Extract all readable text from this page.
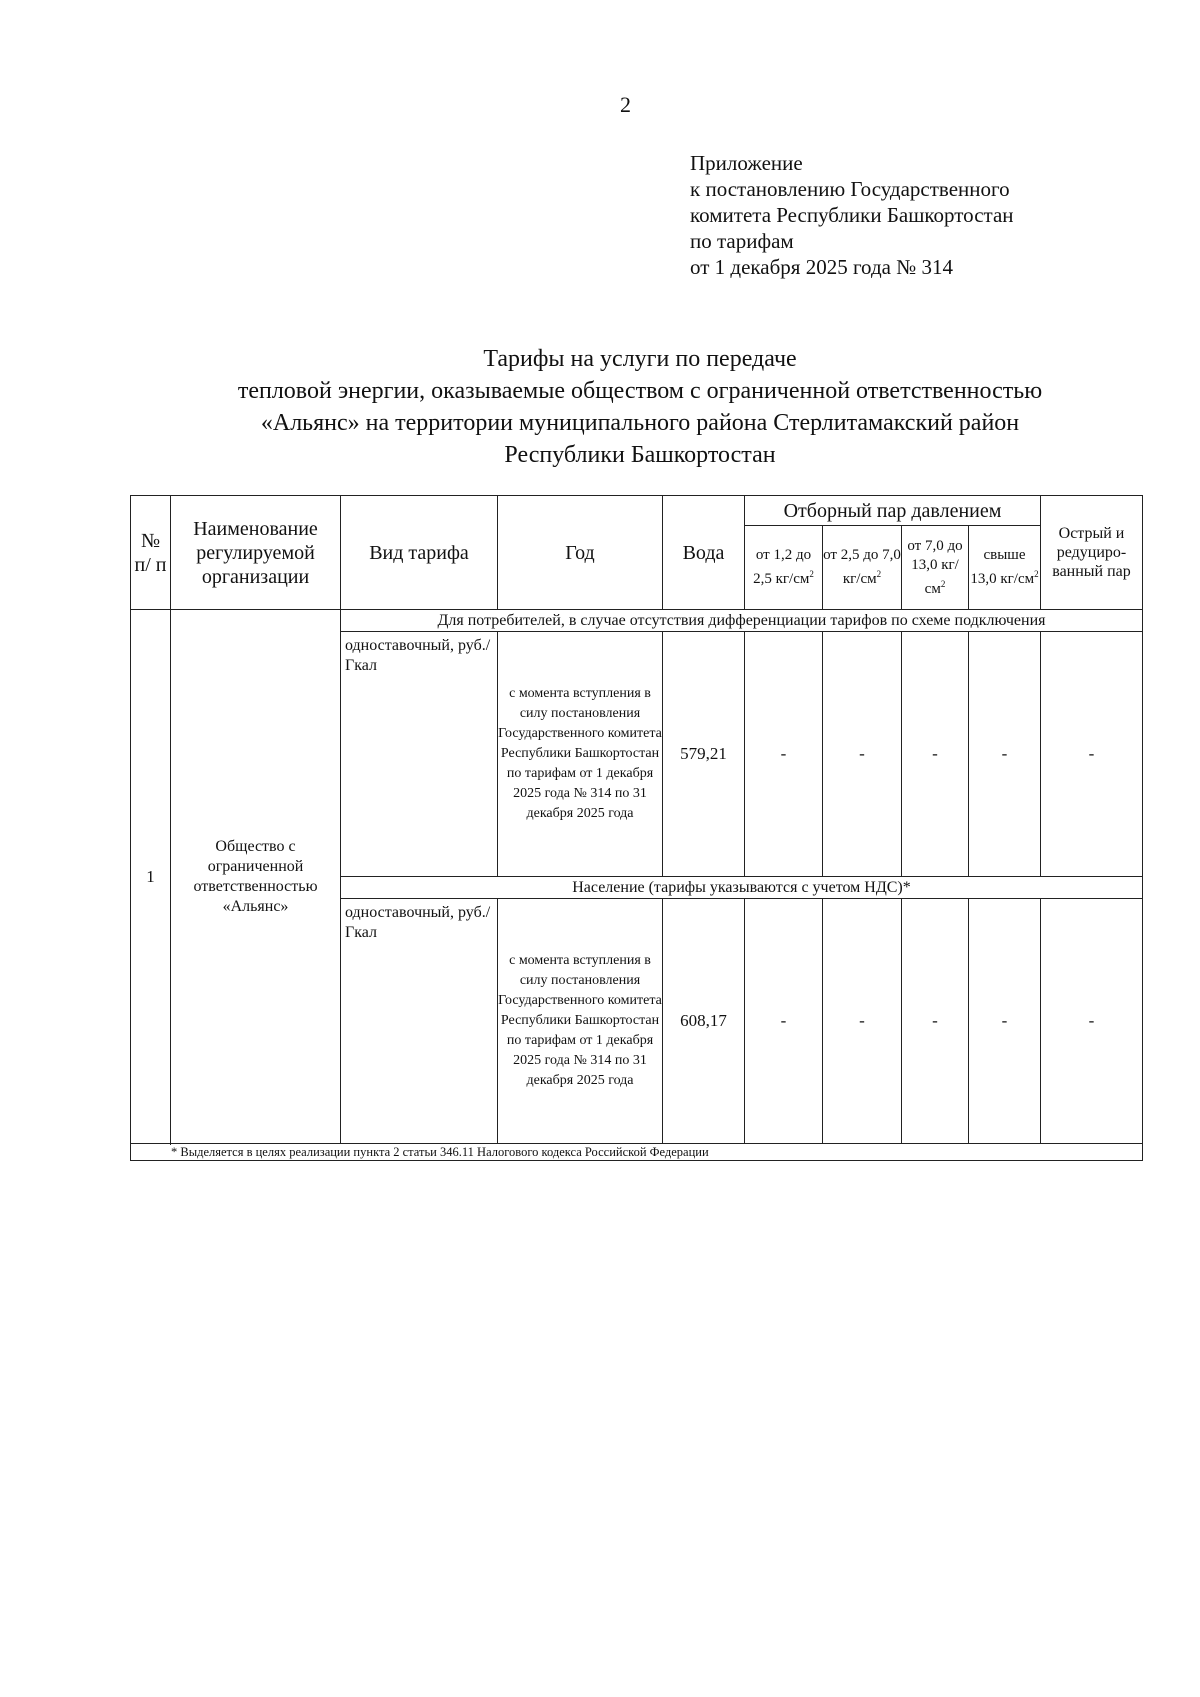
2
Приложение
к постановлению Государственного
комитета Республики Башкортостан
по тарифам
от 1 декабря 2025 года № 314
Тарифы на услуги по передаче
тепловой энергии, оказываемые обществом с ограниченной ответственностью
«Альянс» на территории муниципального района Стерлитамакский район
Республики Башкортостан
№ п/ п	Наименование регулируемой организации	Вид тарифа	Год	Вода	Отборный пар давлением				Острый и редуциро-ванный пар
					от 1,2 до 2,5 $кг/см^2$	от 2,5 до 7,0 $кг/см^2$	от 7,0 до 13,0 $кг/см^2$	свыше 13,0 $кг/см^2$
1	Общество с ограниченной ответственностью «Альянс»	Для потребителей, в случае отсутствия дифференциации тарифов по схеме подключения							
		одноставочный, руб./Гкал	с момента вступления в силу постановления Государственного комитета Республики Башкортостан по тарифам от 1 декабря 2025 года № 314 по 31 декабря 2025 года	579,21	-	-	-	-	-
		Население (тарифы указываются с учетом НДС)*							
		одноставочный, руб./Гкал	с момента вступления в силу постановления Государственного комитета Республики Башкортостан по тарифам от 1 декабря 2025 года № 314 по 31 декабря 2025 года	608,17	-	-	-	-	-

* Выделяется в целях реализации пункта 2 статьи 346.11 Налогового кодекса Российской Федерации									
